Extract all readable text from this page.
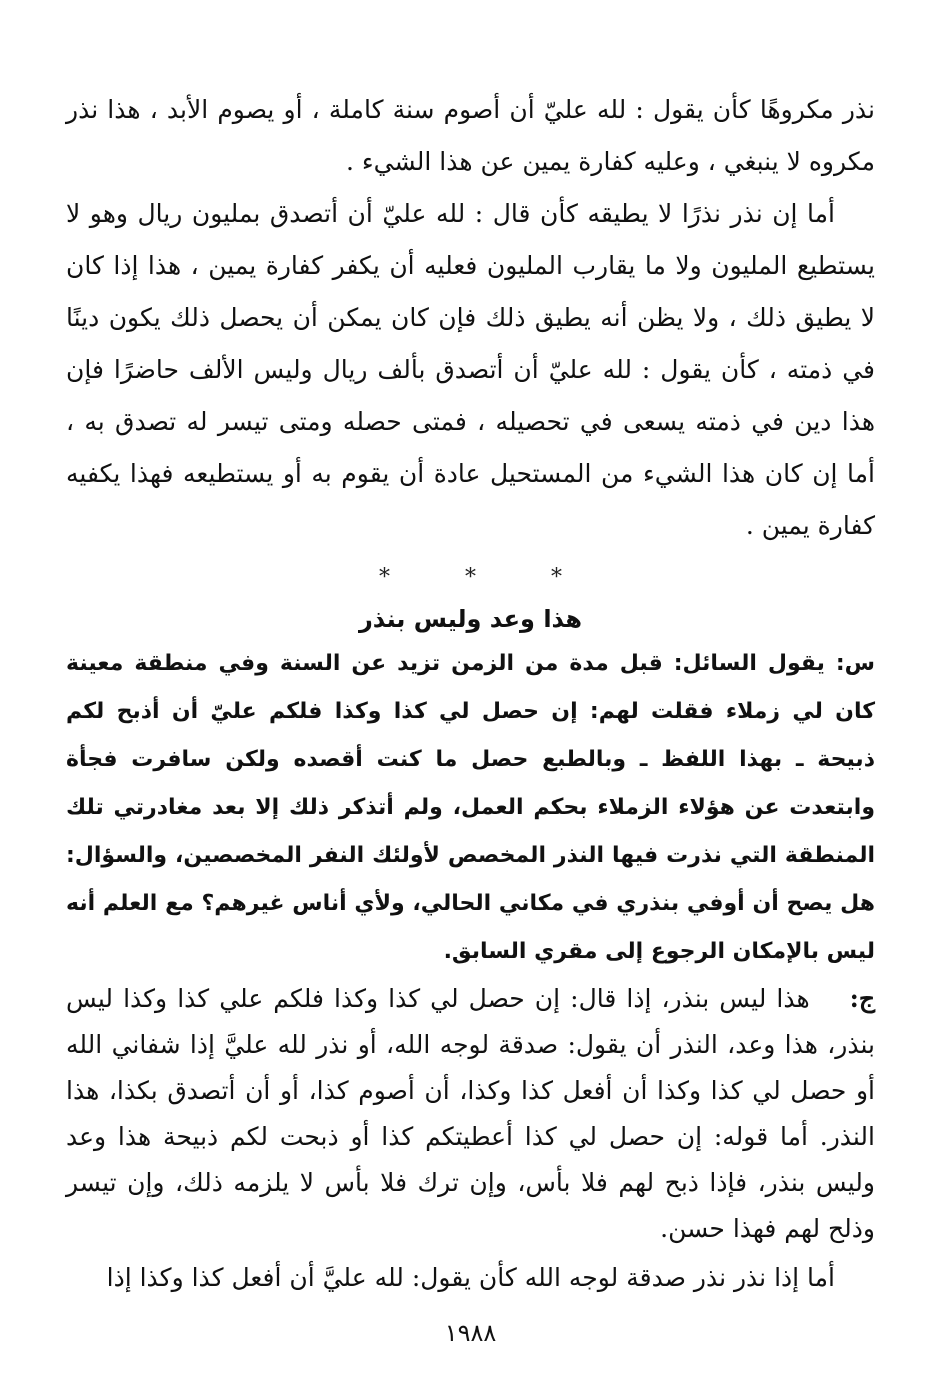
نذر مكروهًا كأن يقول : لله عليّ أن أصوم سنة كاملة ، أو يصوم الأبد ، هذا نذر مكروه لا ينبغي ، وعليه كفارة يمين عن هذا الشيء .

أما إن نذر نذرًا لا يطيقه كأن قال : لله عليّ أن أتصدق بمليون ريال وهو لا يستطيع المليون ولا ما يقارب المليون فعليه أن يكفر كفارة يمين ، هذا إذا كان لا يطيق ذلك ، ولا يظن أنه يطيق ذلك فإن كان يمكن أن يحصل ذلك يكون دينًا في ذمته ، كأن يقول : لله عليّ أن أتصدق بألف ريال وليس الألف حاضرًا فإن هذا دين في ذمته يسعى في تحصيله ، فمتى حصله ومتى تيسر له تصدق به ، أما إن كان هذا الشيء من المستحيل عادة أن يقوم به أو يستطيعه فهذا يكفيه كفارة يمين .

* * *
هذا وعد وليس بنذر

س: يقول السائل: قبل مدة من الزمن تزيد عن السنة وفي منطقة معينة كان لي زملاء فقلت لهم: إن حصل لي كذا وكذا فلكم عليّ أن أذبح لكم ذبيحة ـ بهذا اللفظ ـ وبالطبع حصل ما كنت أقصده ولكن سافرت فجأة وابتعدت عن هؤلاء الزملاء بحكم العمل، ولم أتذكر ذلك إلا بعد مغادرتي تلك المنطقة التي نذرت فيها النذر المخصص لأولئك النفر المخصصين، والسؤال: هل يصح أن أوفي بنذري في مكاني الحالي، ولأي أناس غيرهم؟ مع العلم أنه ليس بالإمكان الرجوع إلى مقري السابق.

ج:هذا ليس بنذر، إذا قال: إن حصل لي كذا وكذا فلكم علي كذا وكذا ليس بنذر، هذا وعد، النذر أن يقول: صدقة لوجه الله، أو نذر لله عليَّ إذا شفاني الله أو حصل لي كذا وكذا أن أفعل كذا وكذا، أن أصوم كذا، أو أن أتصدق بكذا، هذا النذر. أما قوله: إن حصل لي كذا أعطيتكم كذا أو ذبحت لكم ذبيحة هذا وعد وليس بنذر، فإذا ذبح لهم فلا بأس، وإن ترك فلا بأس لا يلزمه ذلك، وإن تيسر وذلح لهم فهذا حسن.

أما إذا نذر نذر صدقة لوجه الله كأن يقول: لله عليَّ أن أفعل كذا وكذا إذا

١٩٨٨
